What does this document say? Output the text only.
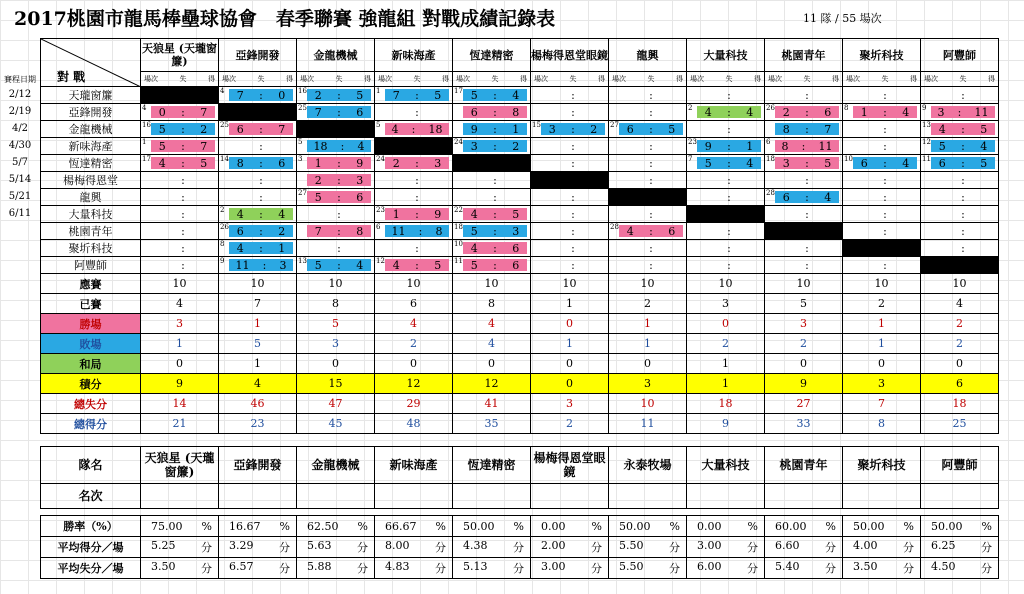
2017桃園市龍馬棒壘球協會　春季聯賽 強龍組 對戰成績記錄表	11 隊 / 55 場次
賽程日期
2/12
2/19
4/2
4/30
5/7
5/14
5/21
6/11
對 戰	天狼星 (天瓏窗簾)	亞鋒開發	金龍機械	新味海產	恆達精密	楊梅得恩堂眼鏡	龍興	大量科技	桃園青年	聚圻科技	阿豐師

	場次 失 得	場次 失 得	場次 失 得	場次 失 得	場次 失 得	場次 失 得	場次 失 得	場次 失 得	場次 失 得	場次 失 得	場次 失 得

天瓏窗簾		4 7 : 0	16 2 : 5	1 7 : 5	17 5 : 4	:	:	:	:	:	:

亞鋒開發	4 0 : 7		25 7 : 6	:	6 : 8	:	:	2 4 : 4	26 2 : 6	8 1 : 4	9 3 : 11

金龍機械	16 5 : 2	25 6 : 7		5 4 : 18	9 : 1	15 3 : 2	27 6 : 5	:	8 : 7	:	13 4 : 5

新味海產	1 5 : 7	:	5 18 : 4		24 3 : 2	:	:	23 9 : 1	6 8 : 11	:	12 5 : 4

恆達精密	17 4 : 5	14 8 : 6	3 1 : 9	24 2 : 3		:	:	7 5 : 4	18 3 : 5	10 6 : 4	11 6 : 5

楊梅得恩堂	:	:	2 : 3	:	:		:	:	:	:	:

龍興	:	:	27 5 : 6	:	:	:		:	28 6 : 4	:	:

大量科技	:	2 4 : 4	:	23 1 : 9	22 4 : 5	:	:		:	:	:

桃園青年	:	26 6 : 2	7 : 8	6 11 : 8	18 5 : 3	:	28 4 : 6	:		:	:

聚圻科技	:	8 4 : 1	:	:	10 4 : 6	:	:	:	:		:

阿豐師	:	9 11 : 3	13 5 : 4	12 4 : 5	11 5 : 6	:	:	:	:	:	

應賽	10	10	10	10	10	10	10	10	10	10	10
已賽	4	7	8	6	8	1	2	3	5	2	4
勝場	3	1	5	4	4	0	1	0	3	1	2
敗場	1	5	3	2	4	1	1	2	2	1	2
和局	0	1	0	0	0	0	0	1	0	0	0
積分	9	4	15	12	12	0	3	1	9	3	6
總失分	14	46	47	29	41	3	10	18	27	7	18
總得分	21	23	45	48	35	2	11	9	33	8	25
隊名	天狼星 (天瓏窗簾)	亞鋒開發	金龍機械	新味海產	恆達精密	楊梅得恩堂眼鏡	永泰牧場	大量科技	桃園青年	聚圻科技	阿豐師
名次											
勝率（%）	75.00 %	16.67 %	62.50 %	66.67 %	50.00 %	0.00 %	50.00 %	0.00 %	60.00 %	50.00 %	50.00 %

平均得分／場	5.25 分	3.29 分	5.63 分	8.00 分	4.38 分	2.00 分	5.50 分	3.00 分	6.60 分	4.00 分	6.25 分

平均失分／場	3.50 分	6.57 分	5.88 分	4.83 分	5.13 分	3.00 分	5.50 分	6.00 分	5.40 分	3.50 分	4.50 分
